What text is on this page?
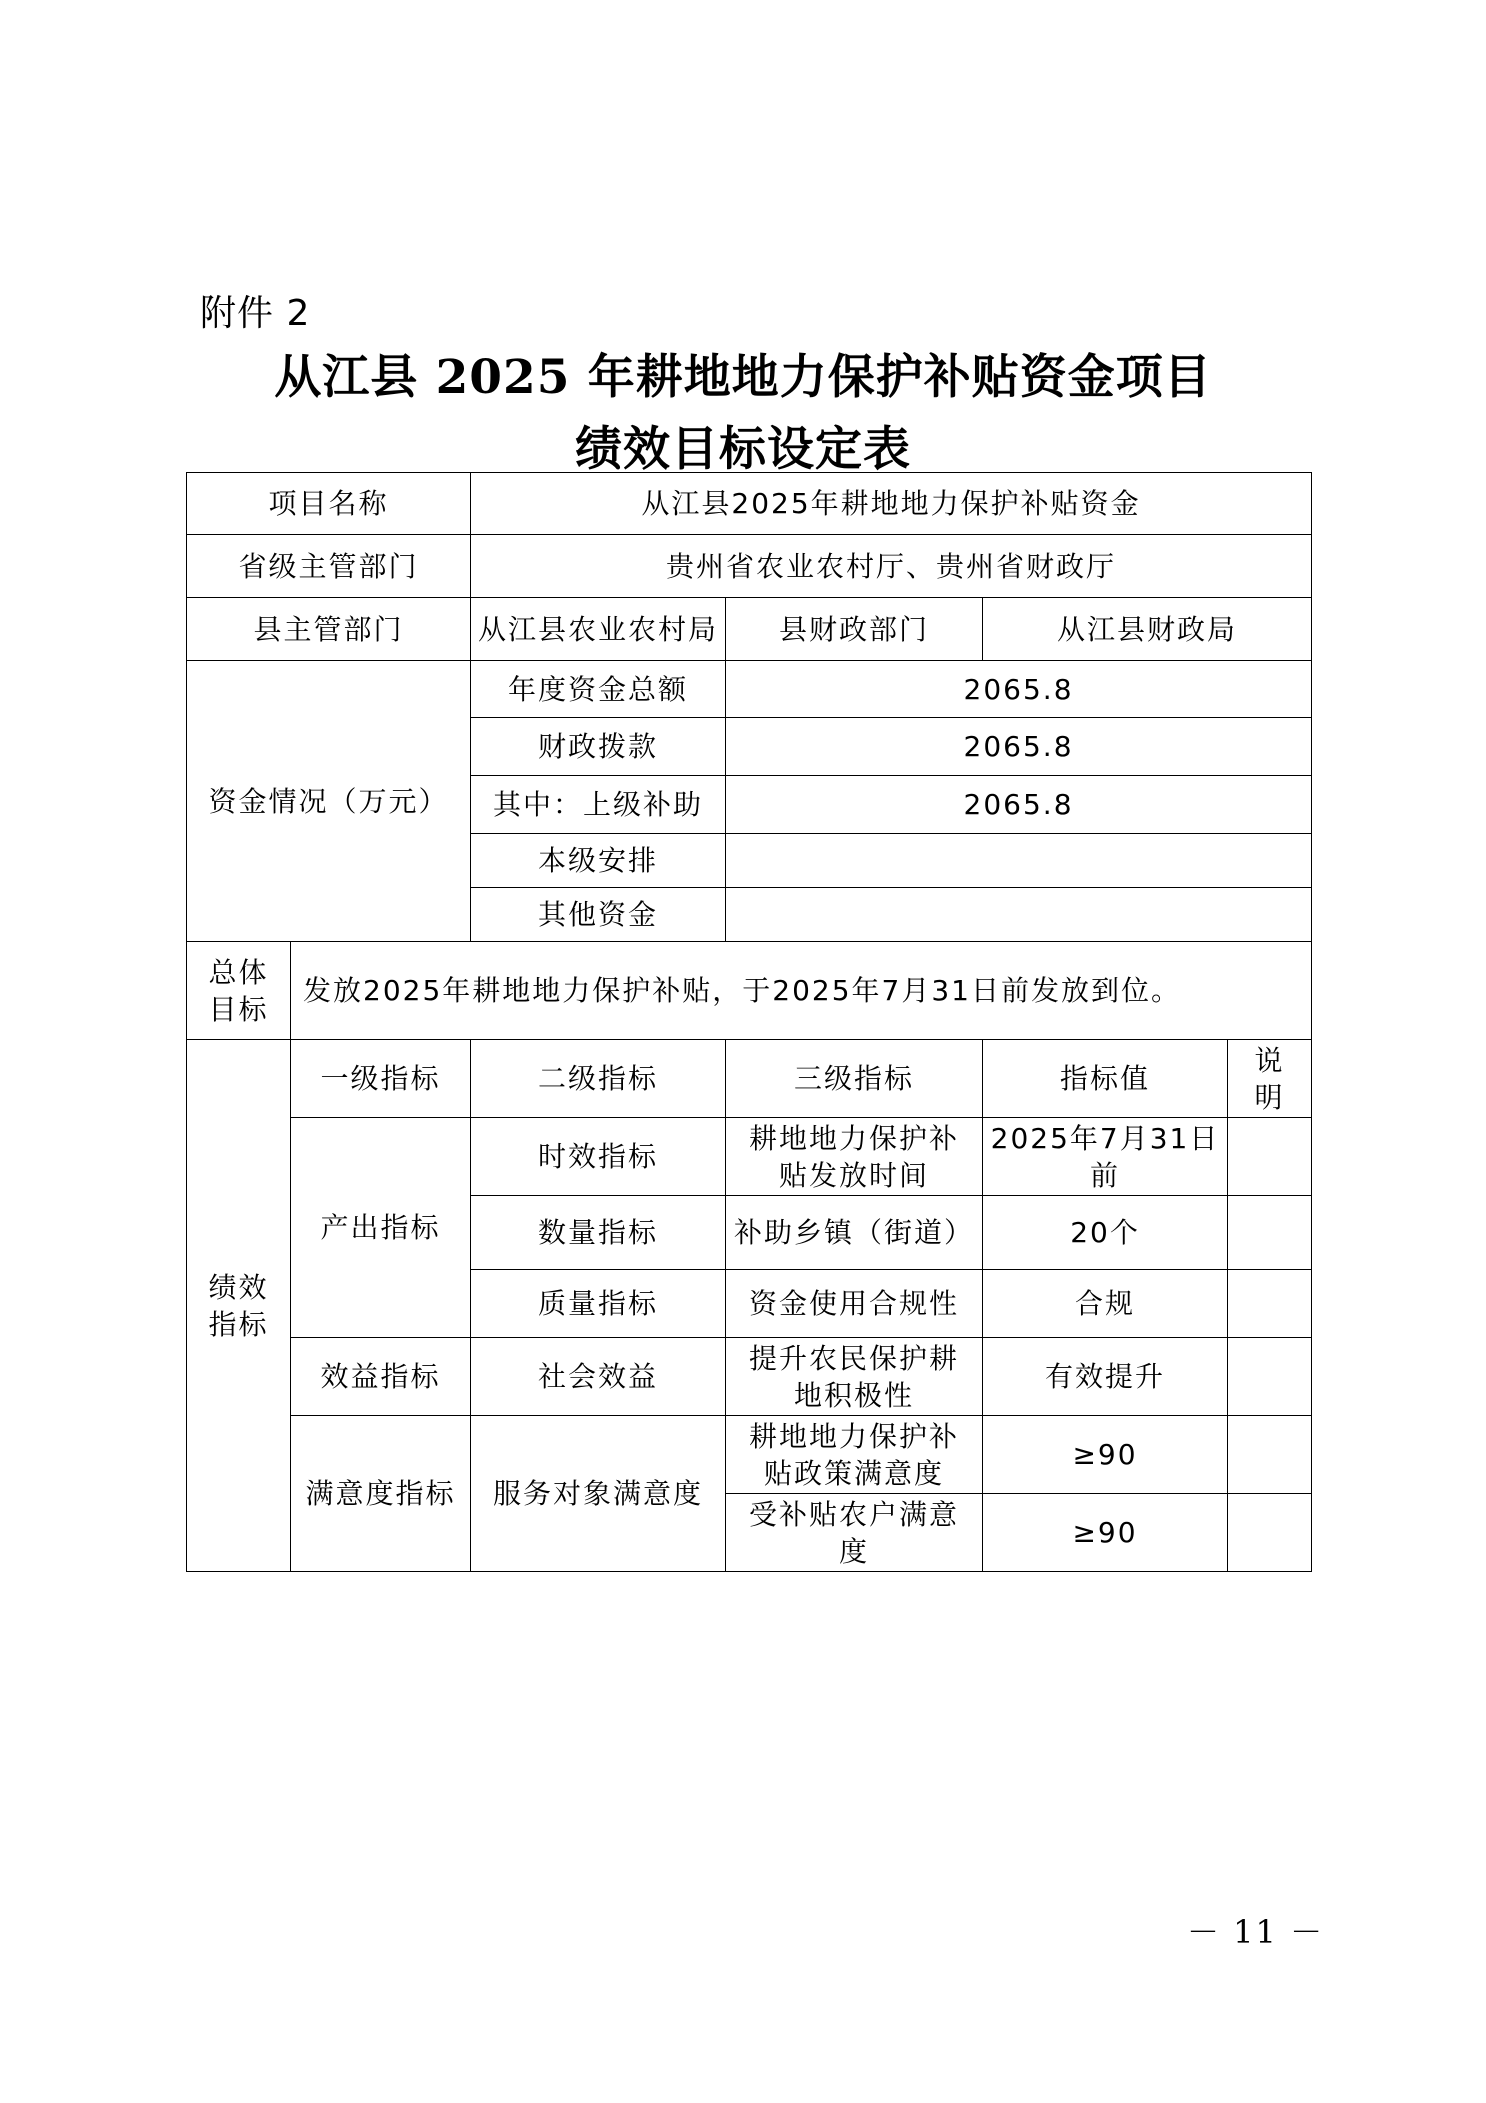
附件 2
从江县 2025 年耕地地力保护补贴资金项目
绩效目标设定表
项目名称		从江县2025年耕地地力保护补贴资金			
省级主管部门		贵州省农业农村厅、贵州省财政厅			
县主管部门		从江县农业农村局	县财政部门	从江县财政局	
资金情况（万元）		年度资金总额	2065.8		
		财政拨款	2065.8		
		其中：上级补助	2065.8		
		本级安排			
		其他资金			

总体
目标	发放2025年耕地地力保护补贴，于2025年7月31日前发放到位。				

绩效
指标	一级指标	二级指标	三级指标	指标值	说
明

	产出指标	时效指标	耕地地力保护补
贴发放时间	2025年7月31日
前	

		数量指标	补助乡镇（街道）	20个	
		质量指标	资金使用合规性	合规	
	效益指标	社会效益	提升农民保护耕
地积极性	有效提升	
	满意度指标	服务对象满意度	耕地地力保护补
贴政策满意度	≥90	

			受补贴农户满意
度	≥90	
－ 11 －
